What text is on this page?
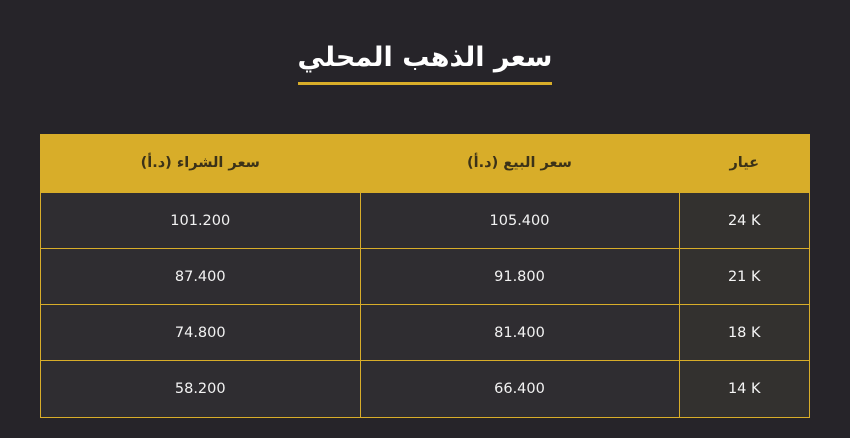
سعر الذهب المحلي
عيار	سعر البيع (د.أ)	سعر الشراء (د.أ)
24 K	105.400	101.200
21 K	91.800	87.400
18 K	81.400	74.800
14 K	66.400	58.200
